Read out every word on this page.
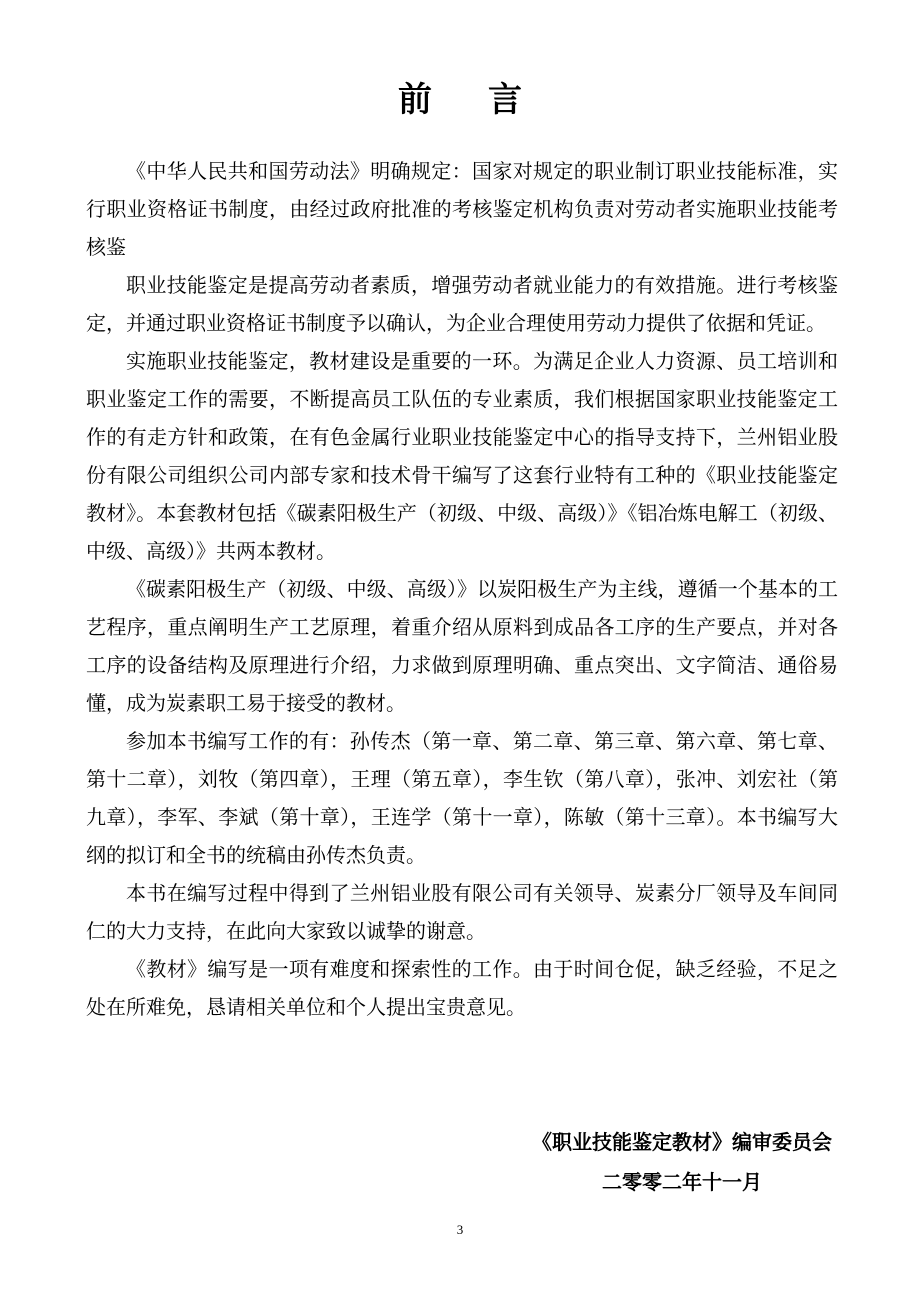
前言

《中华人民共和国劳动法》明确规定：国家对规定的职业制订职业技能标准，实行职业资格证书制度，由经过政府批准的考核鉴定机构负责对劳动者实施职业技能考核鉴

职业技能鉴定是提高劳动者素质，增强劳动者就业能力的有效措施。进行考核鉴定，并通过职业资格证书制度予以确认，为企业合理使用劳动力提供了依据和凭证。

实施职业技能鉴定，教材建设是重要的一环。为满足企业人力资源、员工培训和职业鉴定工作的需要，不断提高员工队伍的专业素质，我们根据国家职业技能鉴定工作的有走方针和政策，在有色金属行业职业技能鉴定中心的指导支持下，兰州铝业股份有限公司组织公司内部专家和技术骨干编写了这套行业特有工种的《职业技能鉴定教材》。本套教材包括《碳素阳极生产（初级、中级、高级）》《铝冶炼电解工（初级、中级、高级）》共两本教材。

《碳素阳极生产（初级、中级、高级）》以炭阳极生产为主线，遵循一个基本的工艺程序，重点阐明生产工艺原理，着重介绍从原料到成品各工序的生产要点，并对各工序的设备结构及原理进行介绍，力求做到原理明确、重点突出、文字简洁、通俗易懂，成为炭素职工易于接受的教材。

参加本书编写工作的有：孙传杰（第一章、第二章、第三章、第六章、第七章、第十二章），刘牧（第四章），王理（第五章），李生钦（第八章），张冲、刘宏社（第九章），李军、李斌（第十章），王连学（第十一章），陈敏（第十三章）。本书编写大纲的拟订和全书的统稿由孙传杰负责。

本书在编写过程中得到了兰州铝业股有限公司有关领导、炭素分厂领导及车间同仁的大力支持，在此向大家致以诚挚的谢意。

《教材》编写是一项有难度和探索性的工作。由于时间仓促，缺乏经验，不足之处在所难免，恳请相关单位和个人提出宝贵意见。

《职业技能鉴定教材》编审委员会
二零零二年十一月
3
